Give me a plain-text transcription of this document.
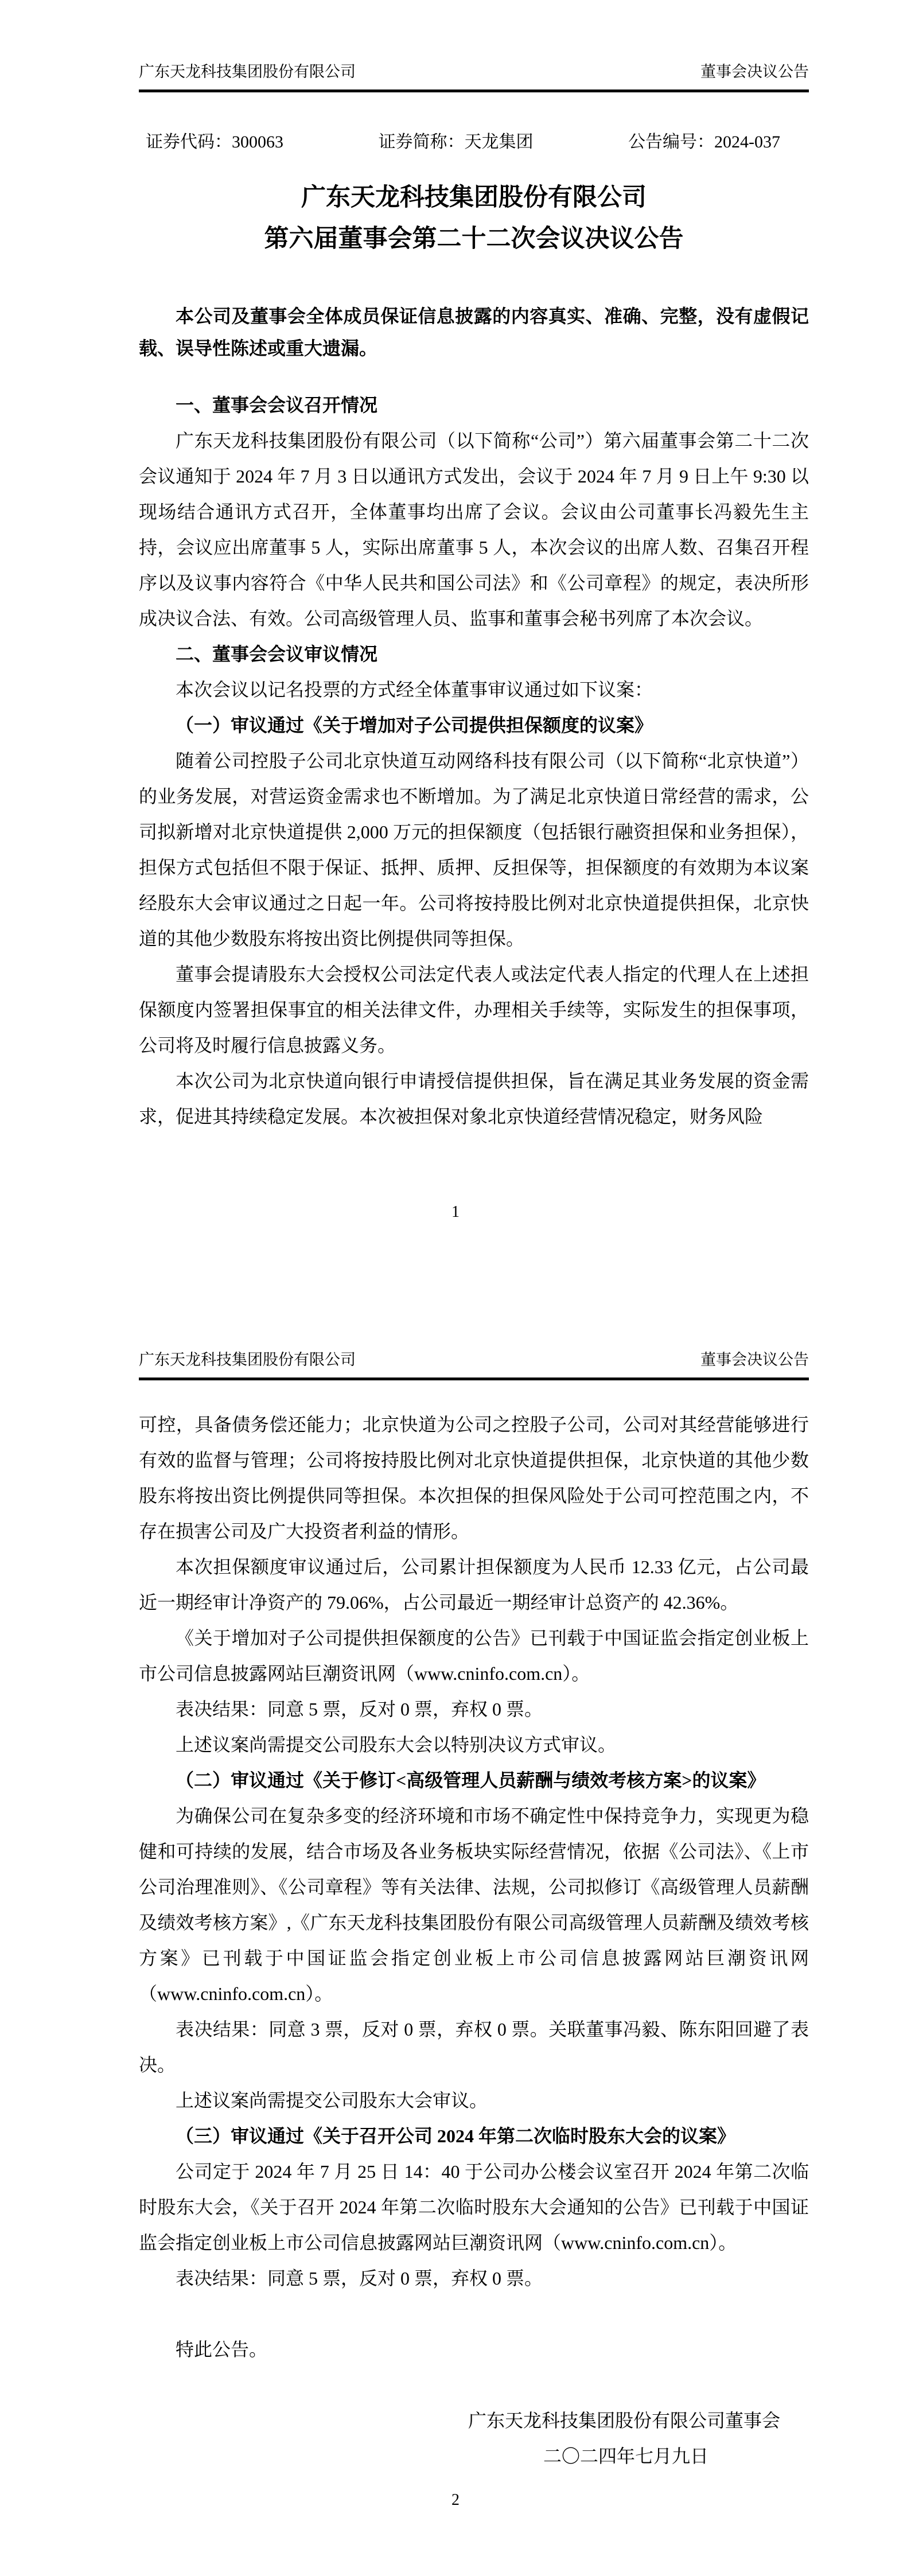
广东天龙科技集团股份有限公司	董事会决议公告
证券代码：300063	证券简称：天龙集团	公告编号：2024-037
广东天龙科技集团股份有限公司
第六届董事会第二十二次会议决议公告

本公司及董事会全体成员保证信息披露的内容真实、准确、完整，没有虚假记载、误导性陈述或重大遗漏。

一、董事会会议召开情况

广东天龙科技集团股份有限公司（以下简称“公司”）第六届董事会第二十二次会议通知于 2024 年 7 月 3 日以通讯方式发出，会议于 2024 年 7 月 9 日上午 9:30 以现场结合通讯方式召开，全体董事均出席了会议。会议由公司董事长冯毅先生主持，会议应出席董事 5 人，实际出席董事 5 人，本次会议的出席人数、召集召开程序以及议事内容符合《中华人民共和国公司法》和《公司章程》的规定，表决所形成决议合法、有效。公司高级管理人员、监事和董事会秘书列席了本次会议。

二、董事会会议审议情况

本次会议以记名投票的方式经全体董事审议通过如下议案：

（一）审议通过《关于增加对子公司提供担保额度的议案》

随着公司控股子公司北京快道互动网络科技有限公司（以下简称“北京快道”）的业务发展，对营运资金需求也不断增加。为了满足北京快道日常经营的需求，公司拟新增对北京快道提供 2,000 万元的担保额度（包括银行融资担保和业务担保），担保方式包括但不限于保证、抵押、质押、反担保等，担保额度的有效期为本议案经股东大会审议通过之日起一年。公司将按持股比例对北京快道提供担保，北京快道的其他少数股东将按出资比例提供同等担保。

董事会提请股东大会授权公司法定代表人或法定代表人指定的代理人在上述担保额度内签署担保事宜的相关法律文件，办理相关手续等，实际发生的担保事项，公司将及时履行信息披露义务。

本次公司为北京快道向银行申请授信提供担保，旨在满足其业务发展的资金需求，促进其持续稳定发展。本次被担保对象北京快道经营情况稳定，财务风险

1
广东天龙科技集团股份有限公司	董事会决议公告

可控，具备债务偿还能力；北京快道为公司之控股子公司，公司对其经营能够进行有效的监督与管理；公司将按持股比例对北京快道提供担保，北京快道的其他少数股东将按出资比例提供同等担保。本次担保的担保风险处于公司可控范围之内，不存在损害公司及广大投资者利益的情形。

本次担保额度审议通过后，公司累计担保额度为人民币 12.33 亿元，占公司最近一期经审计净资产的 79.06%，占公司最近一期经审计总资产的 42.36%。

《关于增加对子公司提供担保额度的公告》已刊载于中国证监会指定创业板上市公司信息披露网站巨潮资讯网（www.cninfo.com.cn）。

表决结果：同意 5 票，反对 0 票，弃权 0 票。

上述议案尚需提交公司股东大会以特别决议方式审议。

（二）审议通过《关于修订<高级管理人员薪酬与绩效考核方案>的议案》

为确保公司在复杂多变的经济环境和市场不确定性中保持竞争力，实现更为稳健和可持续的发展，结合市场及各业务板块实际经营情况，依据《公司法》、《上市公司治理准则》、《公司章程》等有关法律、法规，公司拟修订《高级管理人员薪酬及绩效考核方案》,《广东天龙科技集团股份有限公司高级管理人员薪酬及绩效考核方案》已刊载于中国证监会指定创业板上市公司信息披露网站巨潮资讯网（www.cninfo.com.cn）。

表决结果：同意 3 票，反对 0 票，弃权 0 票。关联董事冯毅、陈东阳回避了表决。

上述议案尚需提交公司股东大会审议。

（三）审议通过《关于召开公司 2024 年第二次临时股东大会的议案》

公司定于 2024 年 7 月 25 日 14：40 于公司办公楼会议室召开 2024 年第二次临时股东大会，《关于召开 2024 年第二次临时股东大会通知的公告》已刊载于中国证监会指定创业板上市公司信息披露网站巨潮资讯网（www.cninfo.com.cn）。

表决结果：同意 5 票，反对 0 票，弃权 0 票。

特此公告。

广东天龙科技集团股份有限公司董事会

二〇二四年七月九日

2
